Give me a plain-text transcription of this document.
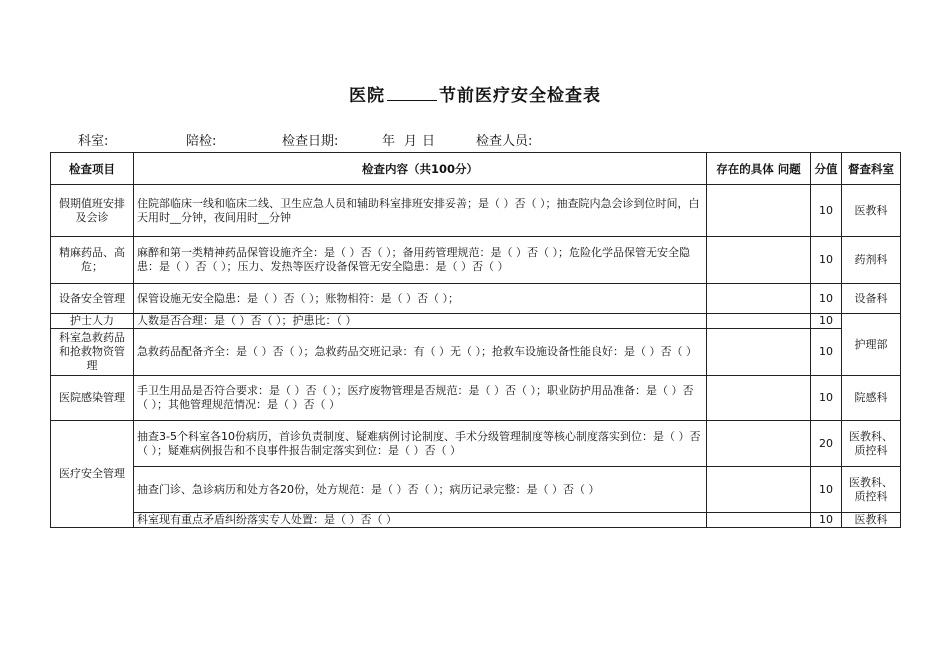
医院	节前医疗安全检查表
科室:	陪检:	检查日期:	年 月 日	检查人员:
检查项目	检查内容（共100分）	存在的具体 问题	分值	督查科室
假期值班安排及会诊	住院部临床一线和临床二线、卫生应急人员和辅助科室排班安排妥善；是（ ）否（ ）；抽查院内急会诊到位时间，白天用时__分钟，夜间用时__分钟		10	医教科
精麻药品、高危；	麻醉和第一类精神药品保管设施齐全：是（ ）否（ ）；备用药管理规范：是（ ）否（ ）；危险化学品保管无安全隐患：是（ ）否（ ）；压力、发热等医疗设备保管无安全隐患：是（ ）否（ ）		10	药剂科
设备安全管理	保管设施无安全隐患：是（ ）否（ ）；账物相符：是（ ）否（ ）；		10	设备科
护士人力	人数是否合理：是（ ）否（ ）；护患比：（ ）		10	护理部
科室急救药品和抢救物资管理	急救药品配备齐全：是（ ）否（ ）；急救药品交班记录：有（ ）无（ ）；抢救车设施设备性能良好：是（ ）否（ ）		10	
医院感染管理	手卫生用品是否符合要求：是（ ）否（ ）；医疗废物管理是否规范：是（ ）否（ ）；职业防护用品准备：是（ ）否（ ）；其他管理规范情况：是（ ）否（ ）		10	院感科
医疗安全管理	抽查3-5个科室各10份病历，首诊负责制度、疑难病例讨论制度、手术分级管理制度等核心制度落实到位：是（ ）否（ ）；疑难病例报告和不良事件报告制定落实到位：是（ ）否（ ）		20	医教科、质控科
	抽查门诊、急诊病历和处方各20份，处方规范：是（ ）否（ ）；病历记录完整：是（ ）否（ ）		10	医教科、质控科
	科室现有重点矛盾纠纷落实专人处置：是（ ）否（ ）		10	医教科
